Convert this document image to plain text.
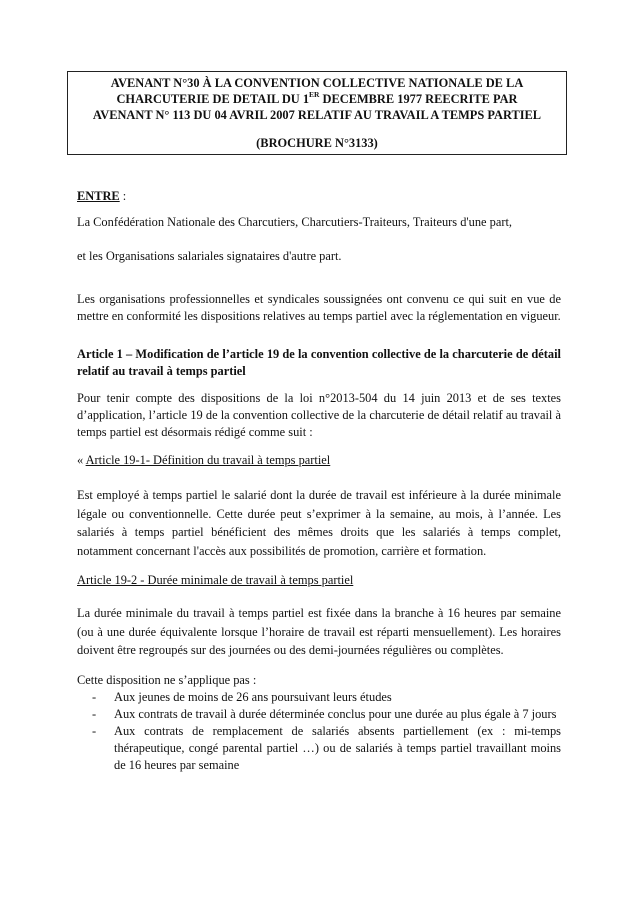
AVENANT N°30 À LA CONVENTION COLLECTIVE NATIONALE DE LA
CHARCUTERIE DE DETAIL DU 1ER DECEMBRE 1977 REECRITE PAR
AVENANT N° 113 DU 04 AVRIL 2007 RELATIF AU TRAVAIL A TEMPS PARTIEL
(BROCHURE N°3133)
ENTRE :
La Confédération Nationale des Charcutiers, Charcutiers-Traiteurs, Traiteurs d'une part,
et les Organisations salariales signataires d'autre part.
Les organisations professionnelles et syndicales soussignées ont convenu ce qui suit en vue de mettre en conformité les dispositions relatives au temps partiel avec la réglementation en vigueur.
Article 1 – Modification de l’article 19 de la convention collective de la charcuterie de détail relatif au travail à temps partiel
Pour tenir compte des dispositions de la loi n°2013-504 du 14 juin 2013 et de ses textes d’application, l’article 19 de la convention collective de la charcuterie de détail relatif au travail à temps partiel est désormais rédigé comme suit :
« Article 19-1- Définition du travail à temps partiel
Est employé à temps partiel le salarié dont la durée de travail est inférieure à la durée minimale légale ou conventionnelle. Cette durée peut s’exprimer à la semaine, au mois, à l’année. Les salariés à temps partiel bénéficient des mêmes droits que les salariés à temps complet, notamment concernant l'accès aux possibilités de promotion, carrière et formation.
Article 19-2 - Durée minimale de travail à temps partiel
La durée minimale du travail à temps partiel est fixée dans la branche à 16 heures par semaine (ou à une durée équivalente lorsque l’horaire de travail est réparti mensuellement). Les horaires doivent être regroupés sur des journées ou des demi-journées régulières ou complètes.
Cette disposition ne s’applique pas :
- Aux jeunes de moins de 26 ans poursuivant leurs études
- Aux contrats de travail à durée déterminée conclus pour une durée au plus égale à 7 jours
- Aux contrats de remplacement de salariés absents partiellement (ex : mi-temps thérapeutique, congé parental partiel …) ou de salariés à temps partiel travaillant moins de 16 heures par semaine
